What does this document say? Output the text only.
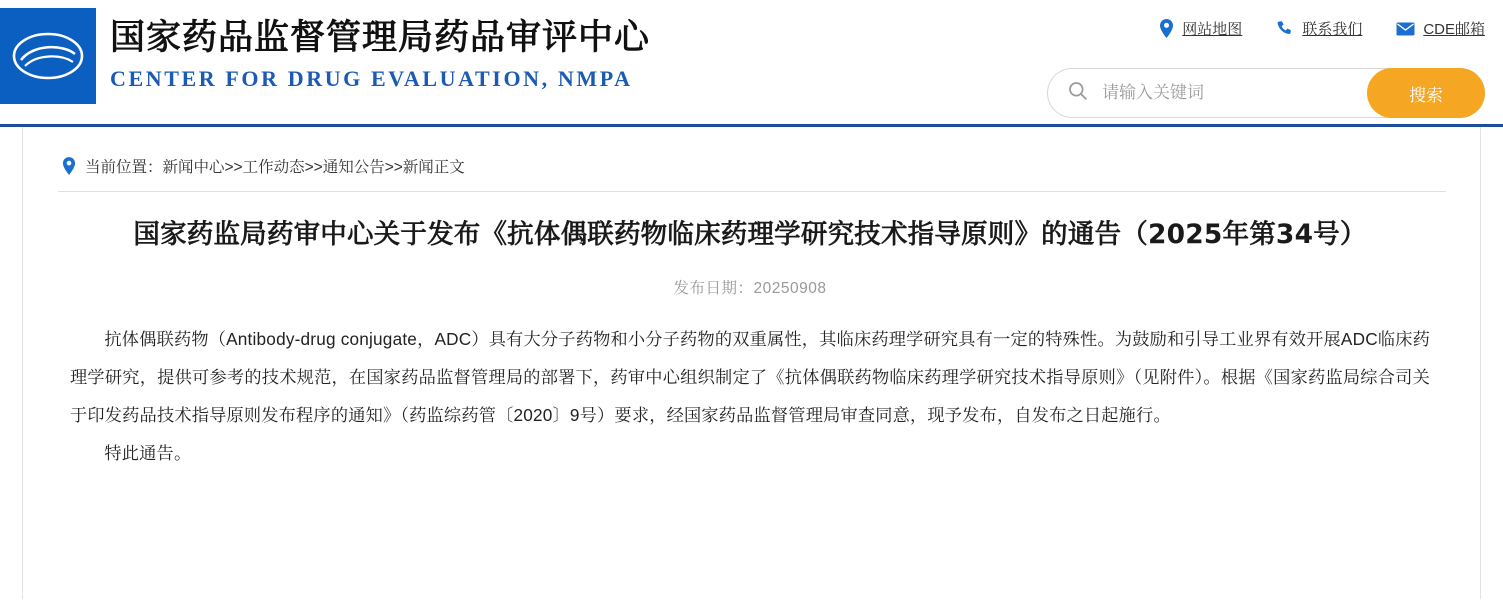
国家药品监督管理局药品审评中心
CENTER FOR DRUG EVALUATION, NMPA
网站地图	联系我们	CDE邮箱
请输入关键词
搜索
当前位置：新闻中心>>工作动态>>通知公告>>新闻正文
国家药监局药审中心关于发布《抗体偶联药物临床药理学研究技术指导原则》的通告（2025年第34号）
发布日期：20250908

抗体偶联药物（Antibody-drug conjugate，ADC）具有大分子药物和小分子药物的双重属性，其临床药理学研究具有一定的特殊性。为鼓励和引导工业界有效开展ADC临床药理学研究，提供可参考的技术规范，在国家药品监督管理局的部署下，药审中心组织制定了《抗体偶联药物临床药理学研究技术指导原则》（见附件）。根据《国家药监局综合司关于印发药品技术指导原则发布程序的通知》（药监综药管〔2020〕9号）要求，经国家药品监督管理局审查同意，现予发布，自发布之日起施行。

特此通告。
